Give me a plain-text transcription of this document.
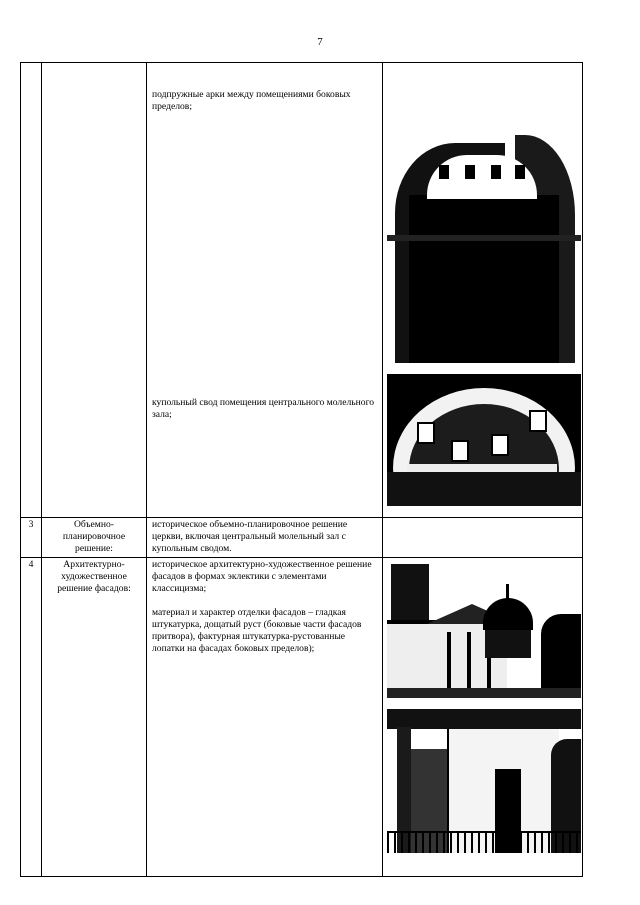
7

		подпружные арки между помещениями боковых пределов;

купольный свод помещения центрального молельного зала;	

3	Объемно-планировочное решение:	историческое объемно-планировочное решение церкви, включая центральный молельный зал с купольным сводом.	
4	Архитектурно-художественное решение фасадов:	историческое архитектурно-художественное решение фасадов в формах эклектики с элементами классицизма;

материал и характер отделки фасадов – гладкая штукатурка, дощатый руст (боковые части фасадов притвора), фактурная штукатурка-рустованные лопатки на фасадах боковых пределов);	
